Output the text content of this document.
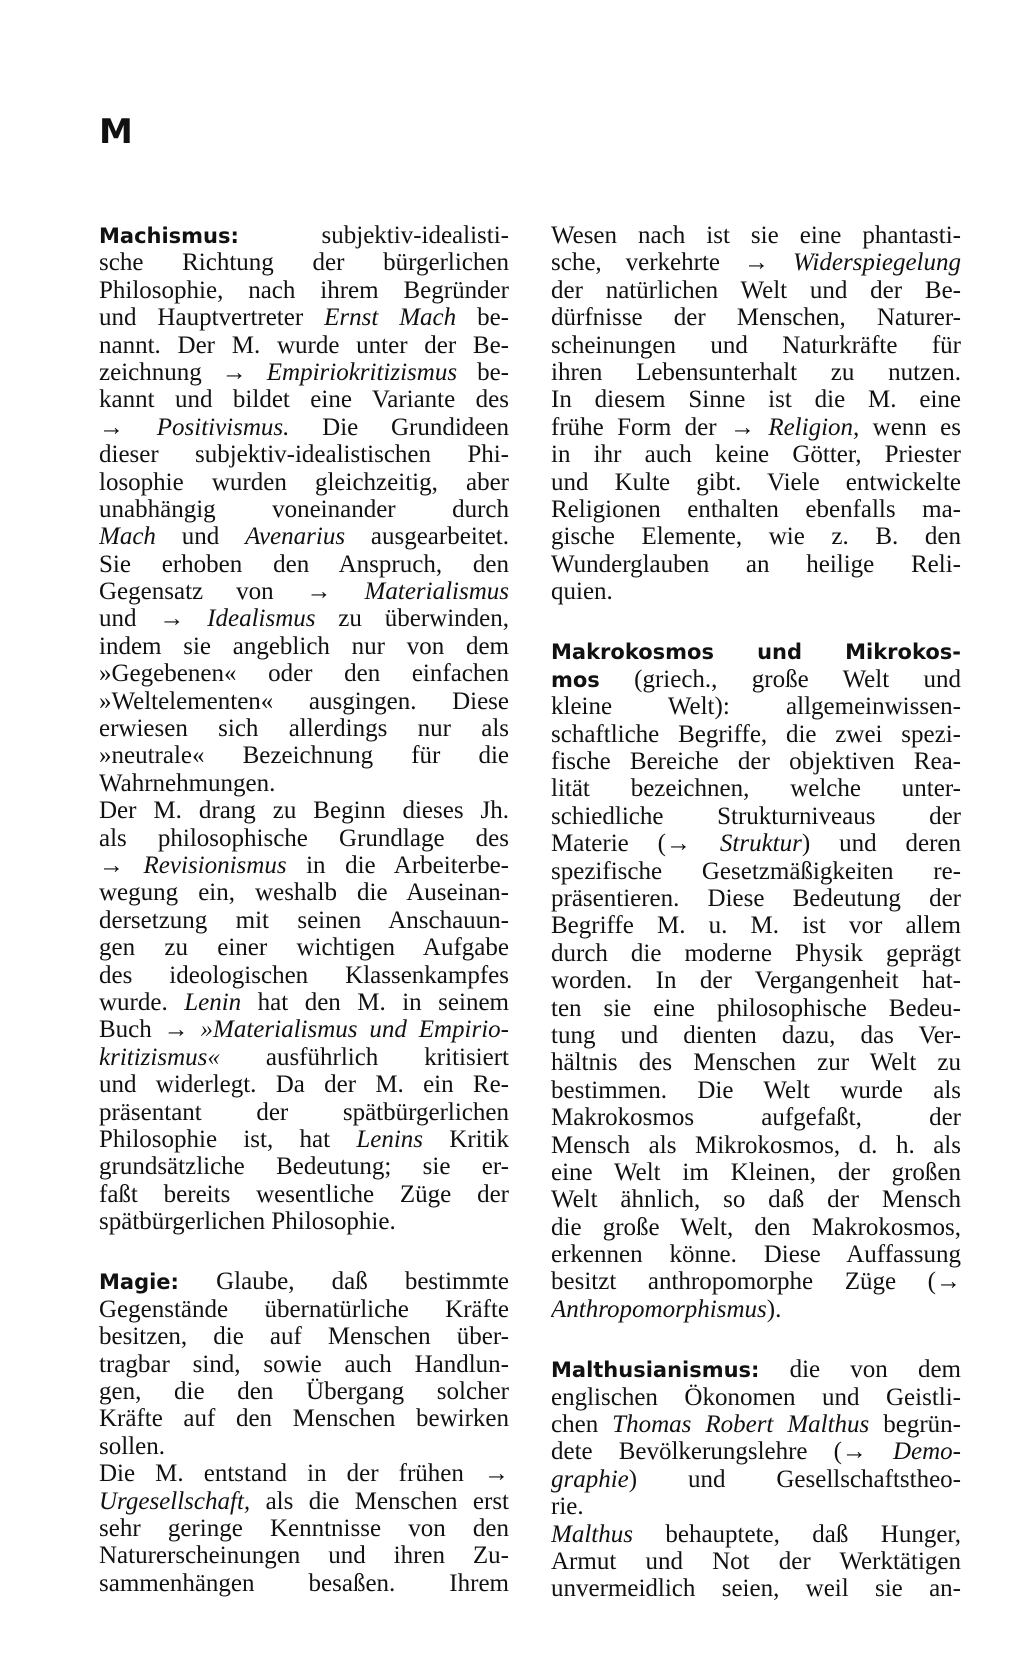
M
Machismus: subjektiv-idealisti-
sche Richtung der bürgerlichen
Philosophie, nach ihrem Begründer
und Hauptvertreter Ernst Mach be-
nannt. Der M. wurde unter der Be-
zeichnung → Empiriokritizismus be-
kannt und bildet eine Variante des
→ Positivismus. Die Grundideen
dieser subjektiv-idealistischen Phi-
losophie wurden gleichzeitig, aber
unabhängig voneinander durch
Mach und Avenarius ausgearbeitet.
Sie erhoben den Anspruch, den
Gegensatz von → Materialismus
und → Idealismus zu überwinden,
indem sie angeblich nur von dem
»Gegebenen« oder den einfachen
»Weltelementen« ausgingen. Diese
erwiesen sich allerdings nur als
»neutrale« Bezeichnung für die
Wahrnehmungen.
Der M. drang zu Beginn dieses Jh.
als philosophische Grundlage des
→ Revisionismus in die Arbeiterbe-
wegung ein, weshalb die Auseinan-
dersetzung mit seinen Anschauun-
gen zu einer wichtigen Aufgabe
des ideologischen Klassenkampfes
wurde. Lenin hat den M. in seinem
Buch → »Materialismus und Empirio-
kritizismus« ausführlich kritisiert
und widerlegt. Da der M. ein Re-
präsentant der spätbürgerlichen
Philosophie ist, hat Lenins Kritik
grundsätzliche Bedeutung; sie er-
faßt bereits wesentliche Züge der
spätbürgerlichen Philosophie.
Magie: Glaube, daß bestimmte
Gegenstände übernatürliche Kräfte
besitzen, die auf Menschen über-
tragbar sind, sowie auch Handlun-
gen, die den Übergang solcher
Kräfte auf den Menschen bewirken
sollen.
Die M. entstand in der frühen →
Urgesellschaft, als die Menschen erst
sehr geringe Kenntnisse von den
Naturerscheinungen und ihren Zu-
sammenhängen besaßen. Ihrem
Wesen nach ist sie eine phantasti-
sche, verkehrte → Widerspiegelung
der natürlichen Welt und der Be-
dürfnisse der Menschen, Naturer-
scheinungen und Naturkräfte für
ihren Lebensunterhalt zu nutzen.
In diesem Sinne ist die M. eine
frühe Form der → Religion, wenn es
in ihr auch keine Götter, Priester
und Kulte gibt. Viele entwickelte
Religionen enthalten ebenfalls ma-
gische Elemente, wie z. B. den
Wunderglauben an heilige Reli-
quien.
Makrokosmos und Mikrokos-
mos (griech., große Welt und
kleine Welt): allgemeinwissen-
schaftliche Begriffe, die zwei spezi-
fische Bereiche der objektiven Rea-
lität bezeichnen, welche unter-
schiedliche Strukturniveaus der
Materie (→ Struktur) und deren
spezifische Gesetzmäßigkeiten re-
präsentieren. Diese Bedeutung der
Begriffe M. u. M. ist vor allem
durch die moderne Physik geprägt
worden. In der Vergangenheit hat-
ten sie eine philosophische Bedeu-
tung und dienten dazu, das Ver-
hältnis des Menschen zur Welt zu
bestimmen. Die Welt wurde als
Makrokosmos aufgefaßt, der
Mensch als Mikrokosmos, d. h. als
eine Welt im Kleinen, der großen
Welt ähnlich, so daß der Mensch
die große Welt, den Makrokosmos,
erkennen könne. Diese Auffassung
besitzt anthropomorphe Züge (→
Anthropomorphismus).
Malthusianismus: die von dem
englischen Ökonomen und Geistli-
chen Thomas Robert Malthus begrün-
dete Bevölkerungslehre (→ Demo-
graphie) und Gesellschaftstheo-
rie.
Malthus behauptete, daß Hunger,
Armut und Not der Werktätigen
unvermeidlich seien, weil sie an-
